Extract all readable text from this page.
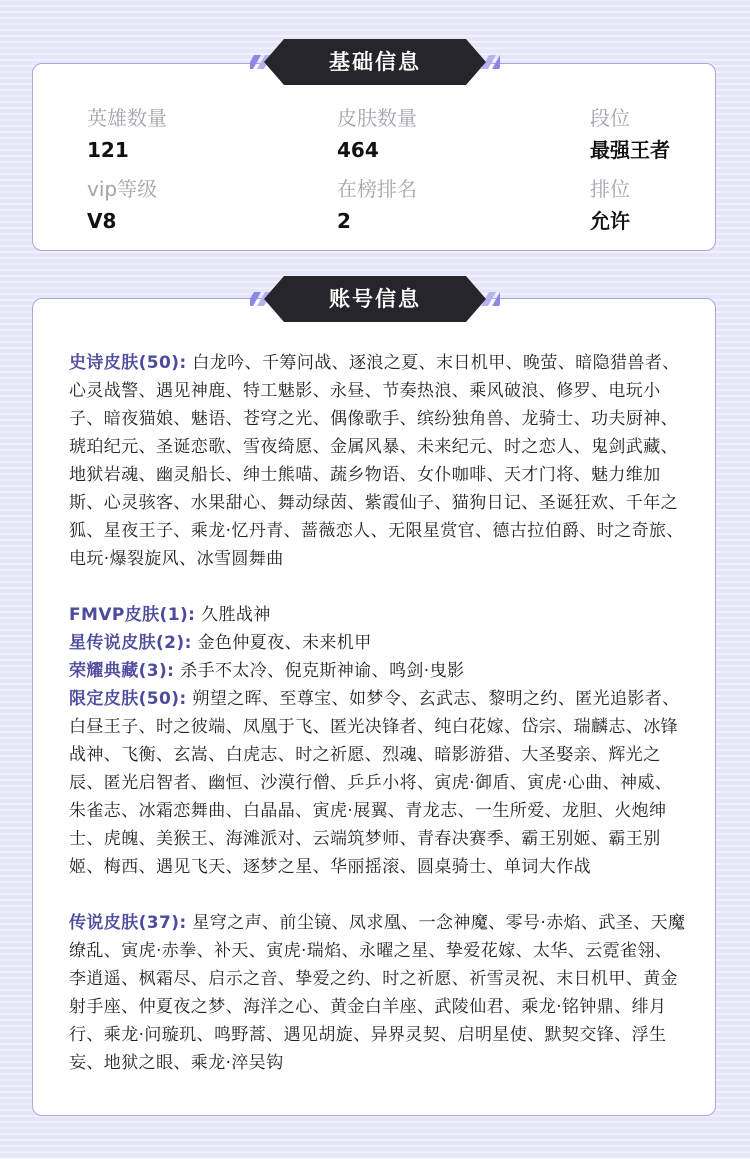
英雄数量
121
皮肤数量
464
段位
最强王者
vip等级
V8
在榜排名
2
排位
允许
基础信息
史诗皮肤(50): 白龙吟、千筹问战、逐浪之夏、末日机甲、晚萤、暗隐猎兽者、心灵战警、遇见神鹿、特工魅影、永昼、节奏热浪、乘风破浪、修罗、电玩小子、暗夜猫娘、魅语、苍穹之光、偶像歌手、缤纷独角兽、龙骑士、功夫厨神、琥珀纪元、圣诞恋歌、雪夜绮愿、金属风暴、未来纪元、时之恋人、鬼剑武藏、地狱岩魂、幽灵船长、绅士熊喵、蔬乡物语、女仆咖啡、天才门将、魅力维加斯、心灵骇客、水果甜心、舞动绿茵、紫霞仙子、猫狗日记、圣诞狂欢、千年之狐、星夜王子、乘龙·忆丹青、蔷薇恋人、无限星赏官、德古拉伯爵、时之奇旅、电玩·爆裂旋风、冰雪圆舞曲
FMVP皮肤(1): 久胜战神
星传说皮肤(2): 金色仲夏夜、未来机甲
荣耀典藏(3): 杀手不太冷、倪克斯神谕、鸣剑·曳影
限定皮肤(50): 朔望之晖、至尊宝、如梦令、玄武志、黎明之约、匿光追影者、白昼王子、时之彼端、凤凰于飞、匿光决锋者、纯白花嫁、岱宗、瑞麟志、冰锋战神、飞衡、玄嵩、白虎志、时之祈愿、烈魂、暗影游猎、大圣娶亲、辉光之辰、匿光启智者、幽恒、沙漠行僧、乒乒小将、寅虎·御盾、寅虎·心曲、神威、朱雀志、冰霜恋舞曲、白晶晶、寅虎·展翼、青龙志、一生所爱、龙胆、火炮绅士、虎魄、美猴王、海滩派对、云端筑梦师、青春决赛季、霸王别姬、霸王别姬、梅西、遇见飞天、逐梦之星、华丽摇滚、圆桌骑士、单词大作战
传说皮肤(37): 星穹之声、前尘镜、凤求凰、一念神魔、零号·赤焰、武圣、天魔缭乱、寅虎·赤拳、补天、寅虎·瑞焰、永曜之星、挚爱花嫁、太华、云霓雀翎、李逍遥、枫霜尽、启示之音、挚爱之约、时之祈愿、祈雪灵祝、末日机甲、黄金射手座、仲夏夜之梦、海洋之心、黄金白羊座、武陵仙君、乘龙·铭钟鼎、绯月行、乘龙·问璇玑、鸣野蒿、遇见胡旋、异界灵契、启明星使、默契交锋、浮生妄、地狱之眼、乘龙·淬吴钩
账号信息
